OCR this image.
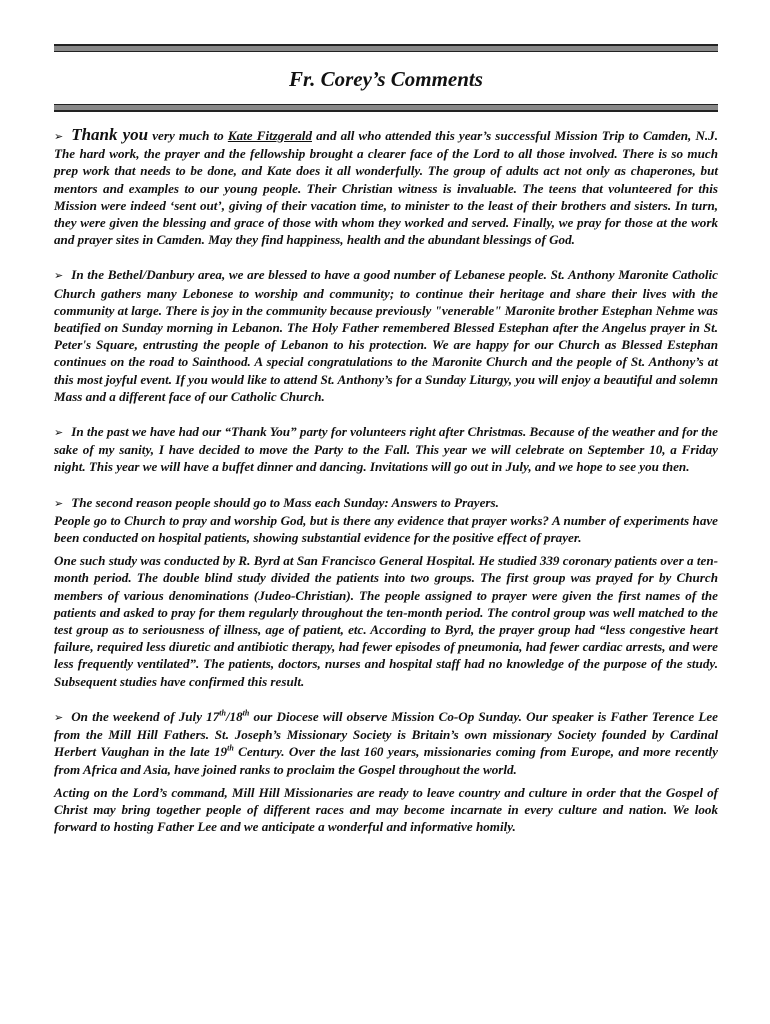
Fr. Corey’s Comments

➢ Thank you very much to Kate Fitzgerald and all who attended this year’s successful Mission Trip to Camden, N.J. The hard work, the prayer and the fellowship brought a clearer face of the Lord to all those involved. There is so much prep work that needs to be done, and Kate does it all wonderfully. The group of adults act not only as chaperones, but mentors and examples to our young people. Their Christian witness is invaluable. The teens that volunteered for this Mission were indeed ‘sent out’, giving of their vacation time, to minister to the least of their brothers and sisters. In turn, they were given the blessing and grace of those with whom they worked and served. Finally, we pray for those at the work and prayer sites in Camden. May they find happiness, health and the abundant blessings of God.

➢ In the Bethel/Danbury area, we are blessed to have a good number of Lebanese people. St. Anthony Maronite Catholic Church gathers many Lebonese to worship and community; to continue their heritage and share their lives with the community at large. There is joy in the community because previously "venerable" Maronite brother Estephan Nehme was beatified on Sunday morning in Lebanon. The Holy Father remembered Blessed Estephan after the Angelus prayer in St. Peter's Square, entrusting the people of Lebanon to his protection. We are happy for our Church as Blessed Estephan continues on the road to Sainthood. A special congratulations to the Maronite Church and the people of St. Anthony’s at this most joyful event. If you would like to attend St. Anthony’s for a Sunday Liturgy, you will enjoy a beautiful and solemn Mass and a different face of our Catholic Church.

➢ In the past we have had our “Thank You” party for volunteers right after Christmas. Because of the weather and for the sake of my sanity, I have decided to move the Party to the Fall. This year we will celebrate on September 10, a Friday night. This year we will have a buffet dinner and dancing. Invitations will go out in July, and we hope to see you then.

➢ The second reason people should go to Mass each Sunday: Answers to Prayers.

People go to Church to pray and worship God, but is there any evidence that prayer works? A number of experiments have been conducted on hospital patients, showing substantial evidence for the positive effect of prayer.

One such study was conducted by R. Byrd at San Francisco General Hospital. He studied 339 coronary patients over a ten-month period. The double blind study divided the patients into two groups. The first group was prayed for by Church members of various denominations (Judeo-Christian). The people assigned to prayer were given the first names of the patients and asked to pray for them regularly throughout the ten-month period. The control group was well matched to the test group as to seriousness of illness, age of patient, etc. According to Byrd, the prayer group had “less congestive heart failure, required less diuretic and antibiotic therapy, had fewer episodes of pneumonia, had fewer cardiac arrests, and were less frequently ventilated”. The patients, doctors, nurses and hospital staff had no knowledge of the purpose of the study. Subsequent studies have confirmed this result.

➢ On the weekend of July 17th/18th our Diocese will observe Mission Co-Op Sunday. Our speaker is Father Terence Lee from the Mill Hill Fathers. St. Joseph’s Missionary Society is Britain’s own missionary Society founded by Cardinal Herbert Vaughan in the late 19th Century. Over the last 160 years, missionaries coming from Europe, and more recently from Africa and Asia, have joined ranks to proclaim the Gospel throughout the world.

Acting on the Lord’s command, Mill Hill Missionaries are ready to leave country and culture in order that the Gospel of Christ may bring together people of different races and may become incarnate in every culture and nation. We look forward to hosting Father Lee and we anticipate a wonderful and informative homily.
